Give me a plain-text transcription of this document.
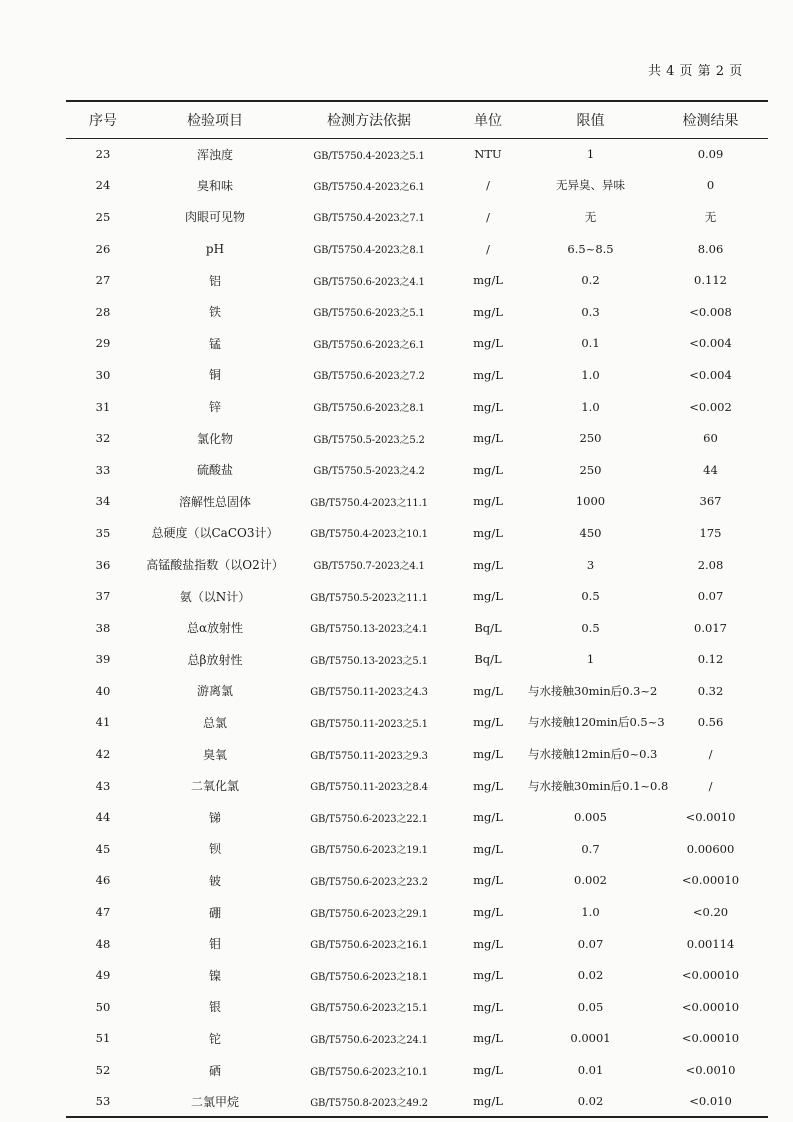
共 4 页 第 2 页
序号	检验项目	检测方法依据	单位	限值	检测结果
23	浑浊度	GB/T5750.4-2023之5.1	NTU	1	0.09
24	臭和味	GB/T5750.4-2023之6.1	/	无异臭、异味	0
25	肉眼可见物	GB/T5750.4-2023之7.1	/	无	无
26	pH	GB/T5750.4-2023之8.1	/	6.5~8.5	8.06
27	铝	GB/T5750.6-2023之4.1	mg/L	0.2	0.112
28	铁	GB/T5750.6-2023之5.1	mg/L	0.3	<0.008
29	锰	GB/T5750.6-2023之6.1	mg/L	0.1	<0.004
30	铜	GB/T5750.6-2023之7.2	mg/L	1.0	<0.004
31	锌	GB/T5750.6-2023之8.1	mg/L	1.0	<0.002
32	氯化物	GB/T5750.5-2023之5.2	mg/L	250	60
33	硫酸盐	GB/T5750.5-2023之4.2	mg/L	250	44
34	溶解性总固体	GB/T5750.4-2023之11.1	mg/L	1000	367
35	总硬度（以CaCO3计）	GB/T5750.4-2023之10.1	mg/L	450	175
36	高锰酸盐指数（以O2计）	GB/T5750.7-2023之4.1	mg/L	3	2.08
37	氨（以N计）	GB/T5750.5-2023之11.1	mg/L	0.5	0.07
38	总α放射性	GB/T5750.13-2023之4.1	Bq/L	0.5	0.017
39	总β放射性	GB/T5750.13-2023之5.1	Bq/L	1	0.12
40	游离氯	GB/T5750.11-2023之4.3	mg/L	与水接触30min后0.3~2	0.32
41	总氯	GB/T5750.11-2023之5.1	mg/L	与水接触120min后0.5~3	0.56
42	臭氧	GB/T5750.11-2023之9.3	mg/L	与水接触12min后0~0.3	/
43	二氧化氯	GB/T5750.11-2023之8.4	mg/L	与水接触30min后0.1~0.8	/
44	锑	GB/T5750.6-2023之22.1	mg/L	0.005	<0.0010
45	钡	GB/T5750.6-2023之19.1	mg/L	0.7	0.00600
46	铍	GB/T5750.6-2023之23.2	mg/L	0.002	<0.00010
47	硼	GB/T5750.6-2023之29.1	mg/L	1.0	<0.20
48	钼	GB/T5750.6-2023之16.1	mg/L	0.07	0.00114
49	镍	GB/T5750.6-2023之18.1	mg/L	0.02	<0.00010
50	银	GB/T5750.6-2023之15.1	mg/L	0.05	<0.00010
51	铊	GB/T5750.6-2023之24.1	mg/L	0.0001	<0.00010
52	硒	GB/T5750.6-2023之10.1	mg/L	0.01	<0.0010
53	二氯甲烷	GB/T5750.8-2023之49.2	mg/L	0.02	<0.010
